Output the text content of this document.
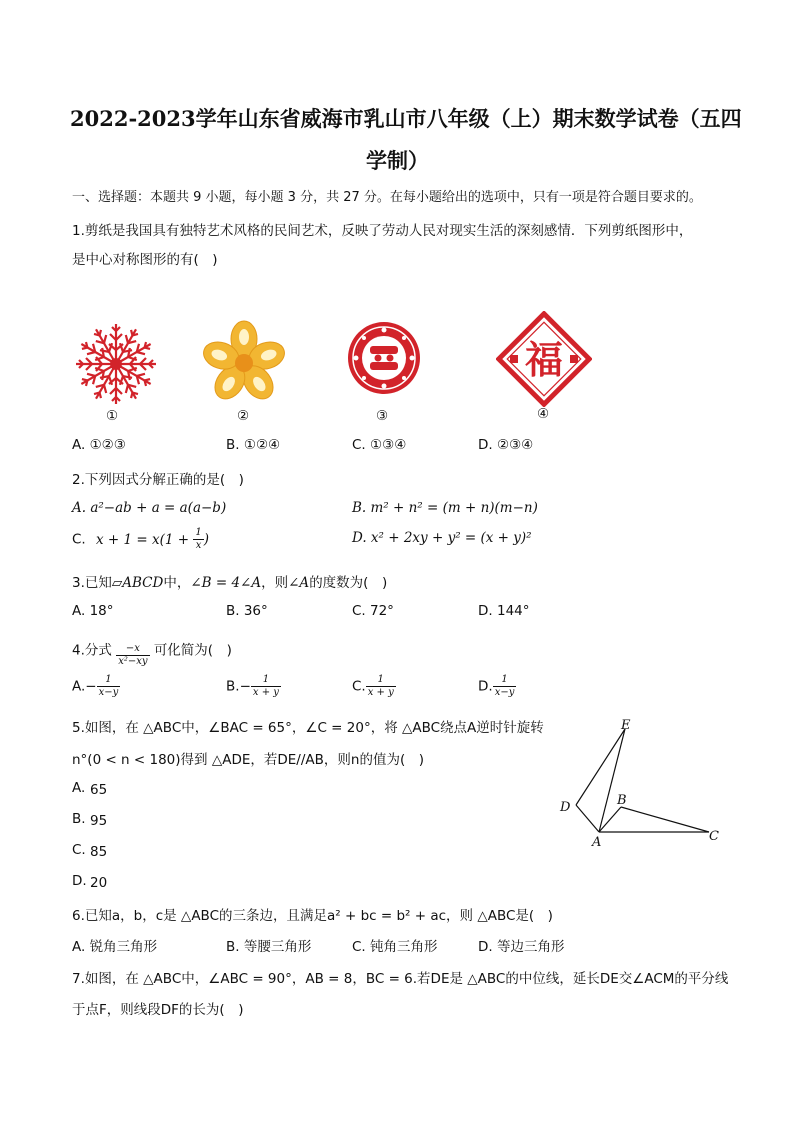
2022-2023学年山东省威海市乳山市八年级（上）期末数学试卷（五四
学制）
一、选择题：本题共 9 小题，每小题 3 分，共 27 分。在每小题给出的选项中，只有一项是符合题目要求的。
1.剪纸是我国具有独特艺术风格的民间艺术，反映了劳动人民对现实生活的深刻感情．下列剪纸图形中，
是中心对称图形的有(　)
福
①	②	③	④
A. ①②③	B. ①②④	C. ①③④	D. ②③④
2.下列因式分解正确的是(　)
A. a²−ab + a = a(a−b)	B. m² + n² = (m + n)(m−n)
C. $x + 1 = x(1 + \frac{1}{x}$ )	D. x² + 2xy + y² = (x + y)²
3.已知▱ABCD中，∠B = 4∠A，则∠A的度数为(　)
A. 18°	B. 36°	C. 72°	D. 144°
4.分式 $\frac{-x}{\text{x²−xy}}$ 可化简为(　)
$A.- \frac{1}{x-y}$	$B.- \frac{1}{x + y}$	C. $\frac{1}{x + y}$	D. $\frac{1}{x-y}$
5.如图，在 △ABC中，∠BAC = 65°，∠C = 20°，将 △ABC绕点A逆时针旋转
n°(0 < n < 180)得到 △ADE，若DE//AB，则n的值为(　)
A. 65
B. 95
C. 85
D. 20
E
D	B
A	C
6.已知a，b，c是 △ABC的三条边，且满足a² + bc = b² + ac，则 △ABC是(　)
A. 锐角三角形	B. 等腰三角形	C. 钝角三角形	D. 等边三角形
7.如图，在 △ABC中，∠ABC = 90°，AB = 8，BC = 6.若DE是 △ABC的中位线，延长DE交∠ACM的平分线
于点F，则线段DF的长为(　)
